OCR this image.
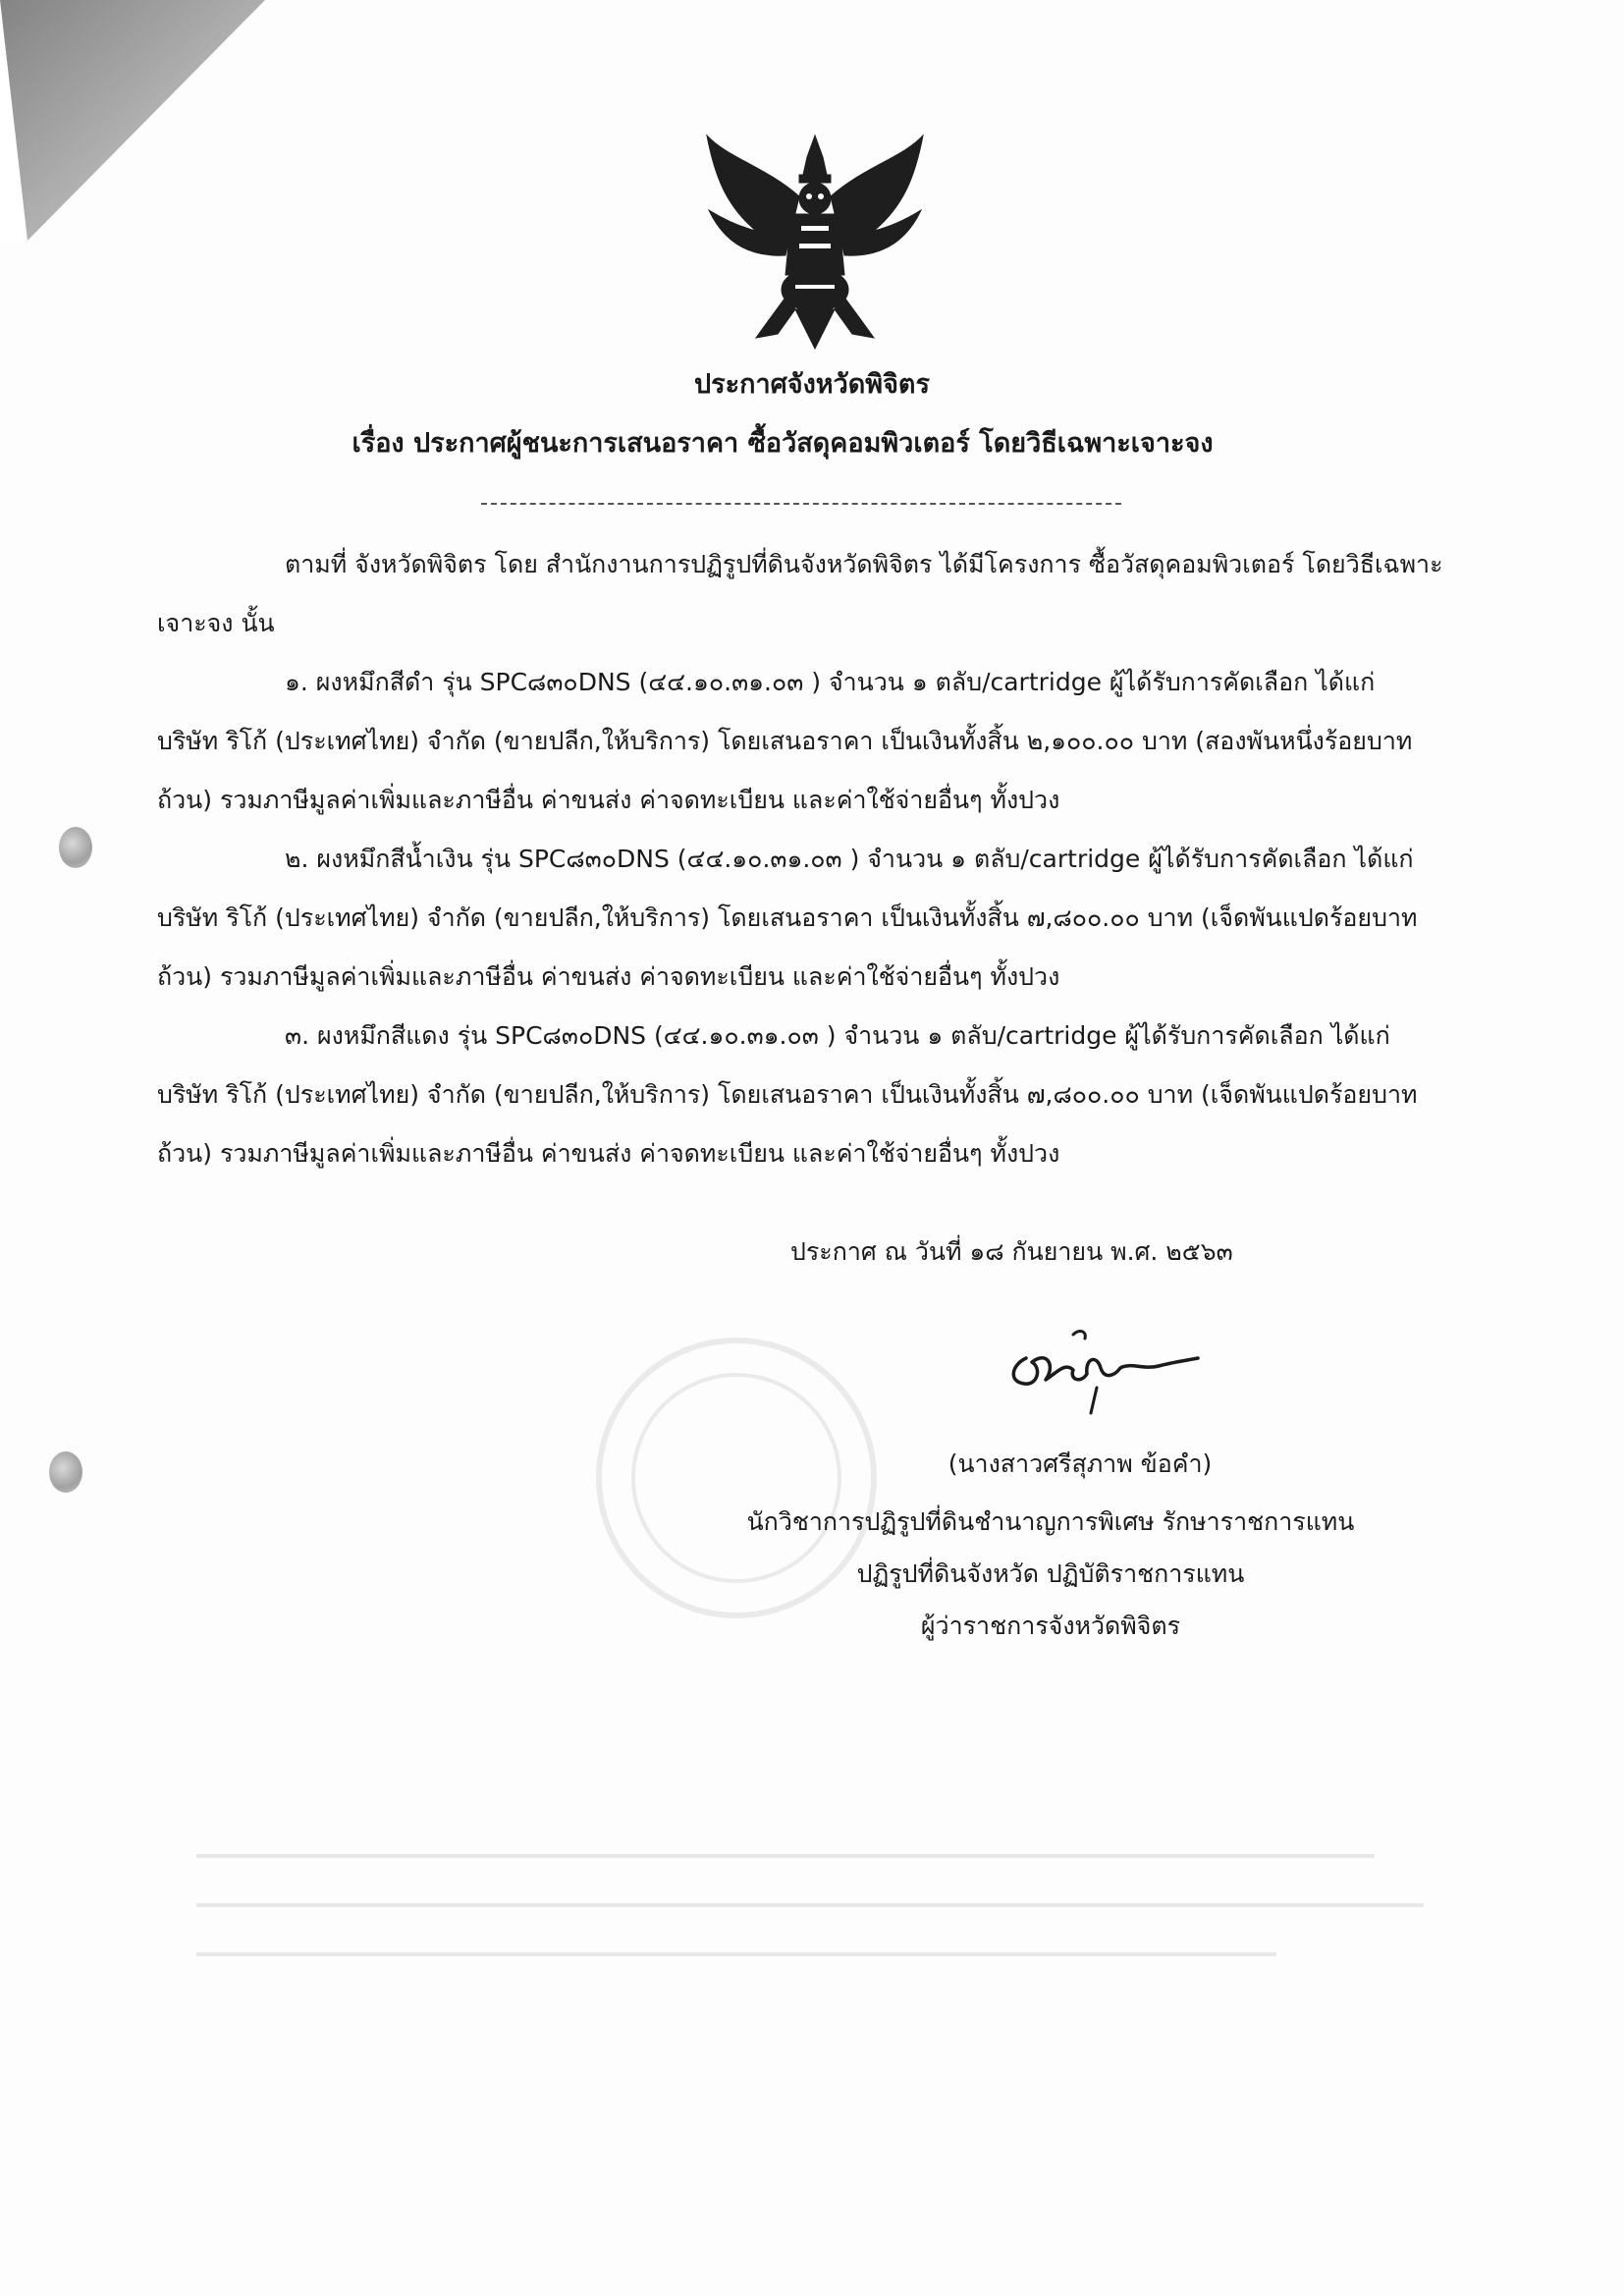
ประกาศจังหวัดพิจิตร
เรื่อง ประกาศผู้ชนะการเสนอราคา ซื้อวัสดุคอมพิวเตอร์ โดยวิธีเฉพาะเจาะจง
ตามที่ จังหวัดพิจิตร โดย สำนักงานการปฏิรูปที่ดินจังหวัดพิจิตร ได้มีโครงการ ซื้อวัสดุคอมพิวเตอร์ โดยวิธีเฉพาะเจาะจง นั้น
๑. ผงหมึกสีดำ รุ่น SPC๘๓๐DNS (๔๔.๑๐.๓๑.๐๓ ) จำนวน ๑ ตลับ/cartridge ผู้ได้รับการคัดเลือก ได้แก่ บริษัท ริโก้ (ประเทศไทย) จำกัด (ขายปลีก,ให้บริการ) โดยเสนอราคา เป็นเงินทั้งสิ้น ๒,๑๐๐.๐๐ บาท (สองพันหนึ่งร้อยบาทถ้วน) รวมภาษีมูลค่าเพิ่มและภาษีอื่น ค่าขนส่ง ค่าจดทะเบียน และค่าใช้จ่ายอื่นๆ ทั้งปวง
๒. ผงหมึกสีน้ำเงิน รุ่น SPC๘๓๐DNS (๔๔.๑๐.๓๑.๐๓ ) จำนวน ๑ ตลับ/cartridge ผู้ได้รับการคัดเลือก ได้แก่ บริษัท ริโก้ (ประเทศไทย) จำกัด (ขายปลีก,ให้บริการ) โดยเสนอราคา เป็นเงินทั้งสิ้น ๗,๘๐๐.๐๐ บาท (เจ็ดพันแปดร้อยบาทถ้วน) รวมภาษีมูลค่าเพิ่มและภาษีอื่น ค่าขนส่ง ค่าจดทะเบียน และค่าใช้จ่ายอื่นๆ ทั้งปวง
๓. ผงหมึกสีแดง รุ่น SPC๘๓๐DNS (๔๔.๑๐.๓๑.๐๓ ) จำนวน ๑ ตลับ/cartridge ผู้ได้รับการคัดเลือก ได้แก่ บริษัท ริโก้ (ประเทศไทย) จำกัด (ขายปลีก,ให้บริการ) โดยเสนอราคา เป็นเงินทั้งสิ้น ๗,๘๐๐.๐๐ บาท (เจ็ดพันแปดร้อยบาทถ้วน) รวมภาษีมูลค่าเพิ่มและภาษีอื่น ค่าขนส่ง ค่าจดทะเบียน และค่าใช้จ่ายอื่นๆ ทั้งปวง
ประกาศ ณ วันที่ ๑๘ กันยายน พ.ศ. ๒๕๖๓
(นางสาวศรีสุภาพ ข้อคำ)
นักวิชาการปฏิรูปที่ดินชำนาญการพิเศษ รักษาราชการแทน
ปฏิรูปที่ดินจังหวัด ปฏิบัติราชการแทน
ผู้ว่าราชการจังหวัดพิจิตร
